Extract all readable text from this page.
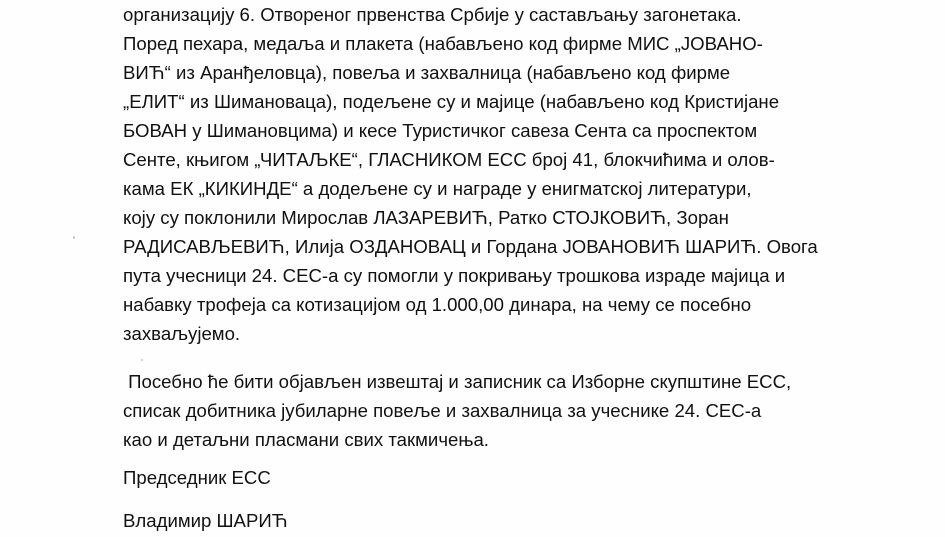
организацију 6. Отвореног првенства Србије у састављању загонетака.
Поред пехара, медаља и плакета (набављено код фирме МИС „ЈОВАНО-
ВИЋ“ из Аранђеловца), повеља и захвалница (набављено код фирме
„ЕЛИТ“ из Шимановаца), подељене су и мајице (набављено код Кристијане
БОВАН у Шимановцима) и кесе Туристичког савеза Сента са проспектом
Сенте, књигом „ЧИТАЉКЕ“, ГЛАСНИКОМ ЕСС број 41, блокчићима и олов-
кама ЕК „КИКИНДЕ“ а додељене су и награде у енигматској литератури,
коју су поклонили Мирослав ЛАЗАРЕВИЋ, Ратко СТОЈКОВИЋ, Зоран
РАДИСАВЉЕВИЋ, Илија ОЗДАНОВАЦ и Гордана ЈОВАНОВИЋ ШАРИЋ. Овога
пута учесници 24. СЕС-а су помогли у покривању трошкова израде мајица и
набавку трофеја са котизацијом од 1.000,00 динара, на чему се посебно
захваљујемо.
Посебно ће бити објављен извештај и записник са Изборне скупштине ЕСС,
списак добитника јубиларне повеље и захвалница за учеснике 24. СЕС-а
као и детаљни пласмани свих такмичења.
Председник ЕСС
Владимир ШАРИЋ
